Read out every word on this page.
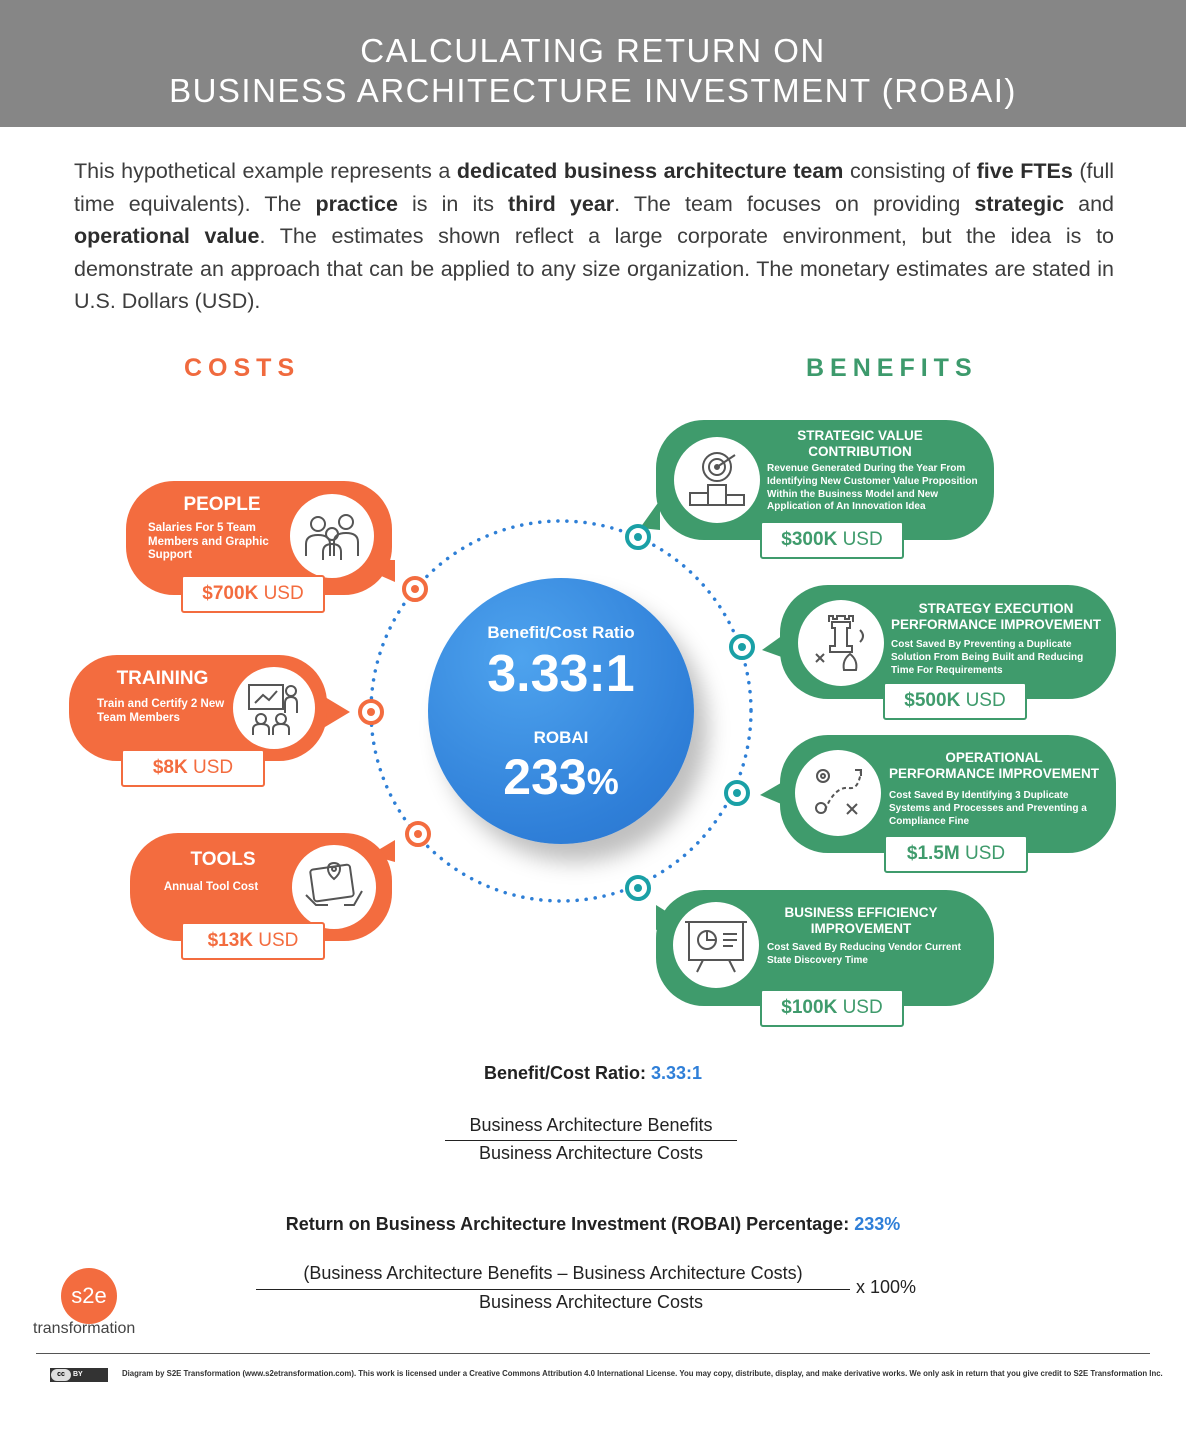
CALCULATING RETURN ON
BUSINESS ARCHITECTURE INVESTMENT (ROBAI)
This hypothetical example represents a dedicated business architecture team consisting of five FTEs (full time equivalents). The practice is in its third year. The team focuses on providing strategic and operational value. The estimates shown reflect a large corporate environment, but the idea is to demonstrate an approach that can be applied to any size organization. The monetary estimates are stated in U.S. Dollars (USD).
COSTS	BENEFITS
Benefit/Cost Ratio
3.33:1
ROBAI
233%
PEOPLE
Salaries For 5 Team Members and Graphic Support
$700K USD
TRAINING
Train and Certify 2 New Team Members
$8K USD
TOOLS
Annual Tool Cost
$13K USD
STRATEGIC VALUE
CONTRIBUTION
Revenue Generated During the Year From Identifying New Customer Value Proposition Within the Business Model and New Application of An Innovation Idea
$300K USD
STRATEGY EXECUTION
PERFORMANCE IMPROVEMENT
Cost Saved By Preventing a Duplicate Solution From Being Built and Reducing Time For Requirements
$500K USD
OPERATIONAL
PERFORMANCE IMPROVEMENT
Cost Saved By Identifying 3 Duplicate Systems and Processes and Preventing a Compliance Fine
$1.5M USD
BUSINESS EFFICIENCY
IMPROVEMENT
Cost Saved By Reducing Vendor Current State Discovery Time
$100K USD
Benefit/Cost Ratio: 3.33:1
Business Architecture Benefits
Business Architecture Costs
Return on Business Architecture Investment (ROBAI) Percentage: 233%
(Business Architecture Benefits – Business Architecture Costs)
Business Architecture Costs
x 100%
s2e
transformation
cc BY	Diagram by S2E Transformation (www.s2etransformation.com). This work is licensed under a Creative Commons Attribution 4.0 International License. You may copy, distribute, display, and make derivative works. We only ask in return that you give credit to S2E Transformation Inc.
